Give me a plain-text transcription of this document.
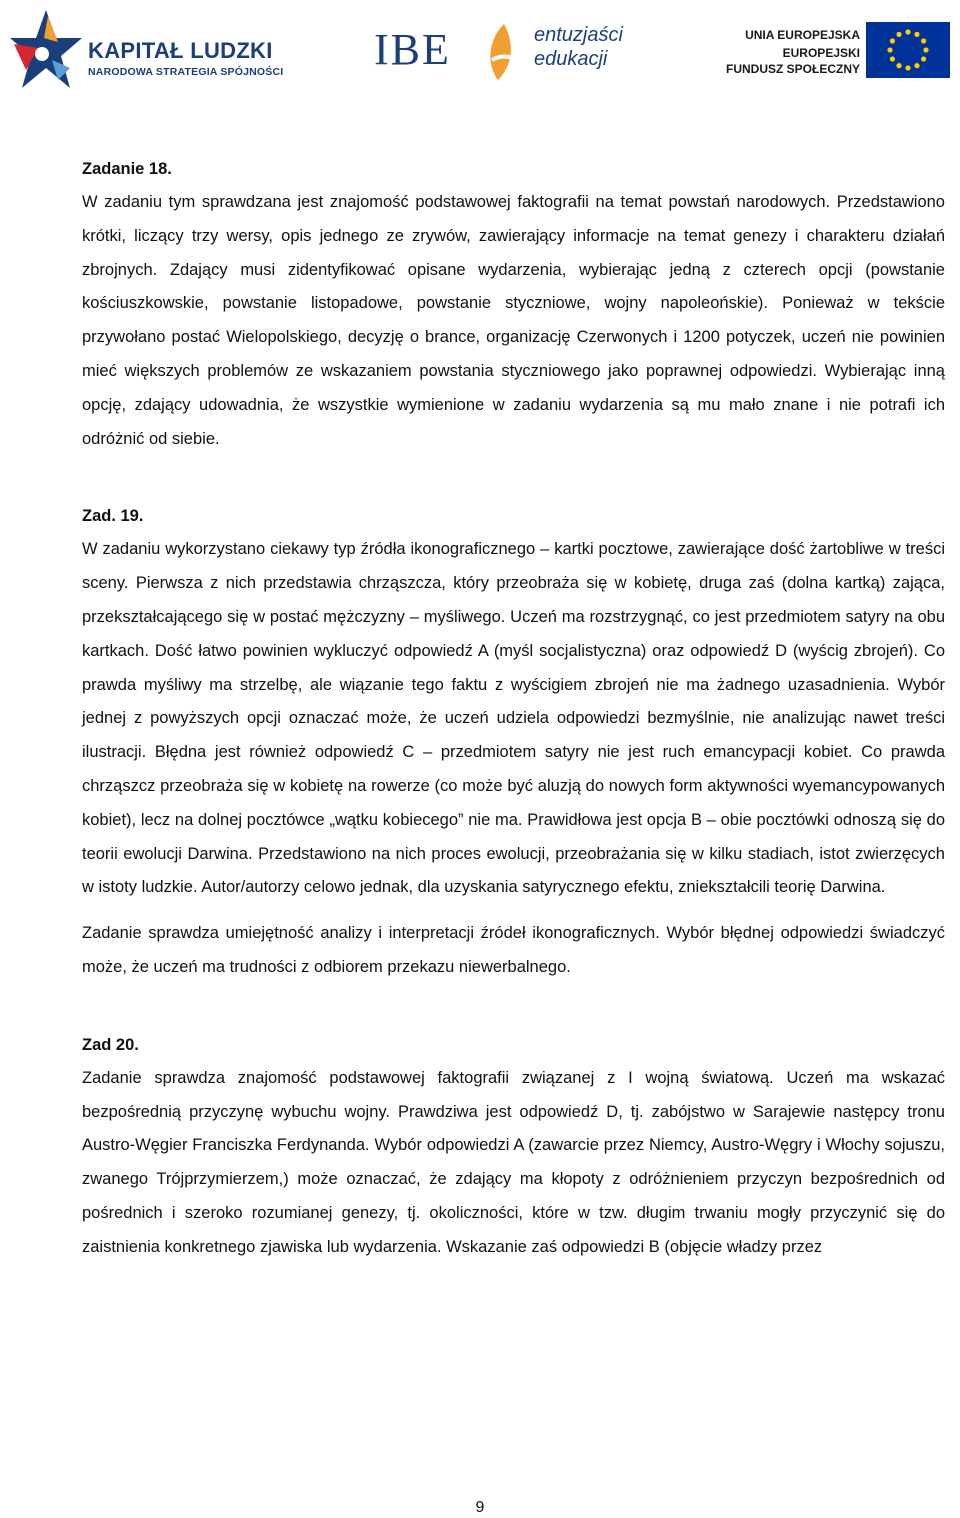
KAPITAŁ LUDZKI
NARODOWA STRATEGIA SPÓJNOŚCI IBE	entuzjaści
edukacji
UNIA EUROPEJSKA
EUROPEJSKI
FUNDUSZ SPOŁECZNY
Zadanie 18.

W zadaniu tym sprawdzana jest znajomość podstawowej faktografii na temat powstań narodowych. Przedstawiono krótki, liczący trzy wersy, opis jednego ze zrywów, zawierający informacje na temat genezy i charakteru działań zbrojnych. Zdający musi zidentyfikować opisane wydarzenia, wybierając jedną z czterech opcji (powstanie kościuszkowskie, powstanie listopadowe, powstanie styczniowe, wojny napoleońskie). Ponieważ w tekście przywołano postać Wielopolskiego, decyzję o brance, organizację Czerwonych i 1200 potyczek, uczeń nie powinien mieć większych problemów ze wskazaniem powstania styczniowego jako poprawnej odpowiedzi. Wybierając inną opcję, zdający udowadnia, że wszystkie wymienione w zadaniu wydarzenia są mu mało znane i nie potrafi ich odróżnić od siebie.

Zad. 19.

W zadaniu wykorzystano ciekawy typ źródła ikonograficznego – kartki pocztowe, zawierające dość żartobliwe w treści sceny. Pierwsza z nich przedstawia chrząszcza, który przeobraża się w kobietę, druga zaś (dolna kartką) zająca, przekształcającego się w postać mężczyzny – myśliwego. Uczeń ma rozstrzygnąć, co jest przedmiotem satyry na obu kartkach. Dość łatwo powinien wykluczyć odpowiedź A (myśl socjalistyczna) oraz odpowiedź D (wyścig zbrojeń). Co prawda myśliwy ma strzelbę, ale wiązanie tego faktu z wyścigiem zbrojeń nie ma żadnego uzasadnienia. Wybór jednej z powyższych opcji oznaczać może, że uczeń udziela odpowiedzi bezmyślnie, nie analizując nawet treści ilustracji. Błędna jest również odpowiedź C – przedmiotem satyry nie jest ruch emancypacji kobiet. Co prawda chrząszcz przeobraża się w kobietę na rowerze (co może być aluzją do nowych form aktywności wyemancypowanych kobiet), lecz na dolnej pocztówce „wątku kobiecego” nie ma. Prawidłowa jest opcja B – obie pocztówki odnoszą się do teorii ewolucji Darwina. Przedstawiono na nich proces ewolucji, przeobrażania się w kilku stadiach, istot zwierzęcych w istoty ludzkie. Autor/autorzy celowo jednak, dla uzyskania satyrycznego efektu, zniekształcili teorię Darwina.

Zadanie sprawdza umiejętność analizy i interpretacji źródeł ikonograficznych. Wybór błędnej odpowiedzi świadczyć może, że uczeń ma trudności z odbiorem przekazu niewerbalnego.

Zad 20.

Zadanie sprawdza znajomość podstawowej faktografii związanej z I wojną światową. Uczeń ma wskazać bezpośrednią przyczynę wybuchu wojny. Prawdziwa jest odpowiedź D, tj. zabójstwo w Sarajewie następcy tronu Austro-Węgier Franciszka Ferdynanda. Wybór odpowiedzi A (zawarcie przez Niemcy, Austro-Węgry i Włochy sojuszu, zwanego Trójprzymierzem,) może oznaczać, że zdający ma kłopoty z odróżnieniem przyczyn bezpośrednich od pośrednich i szeroko rozumianej genezy, tj. okoliczności, które w tzw. długim trwaniu mogły przyczynić się do zaistnienia konkretnego zjawiska lub wydarzenia. Wskazanie zaś odpowiedzi B (objęcie władzy przez

9
